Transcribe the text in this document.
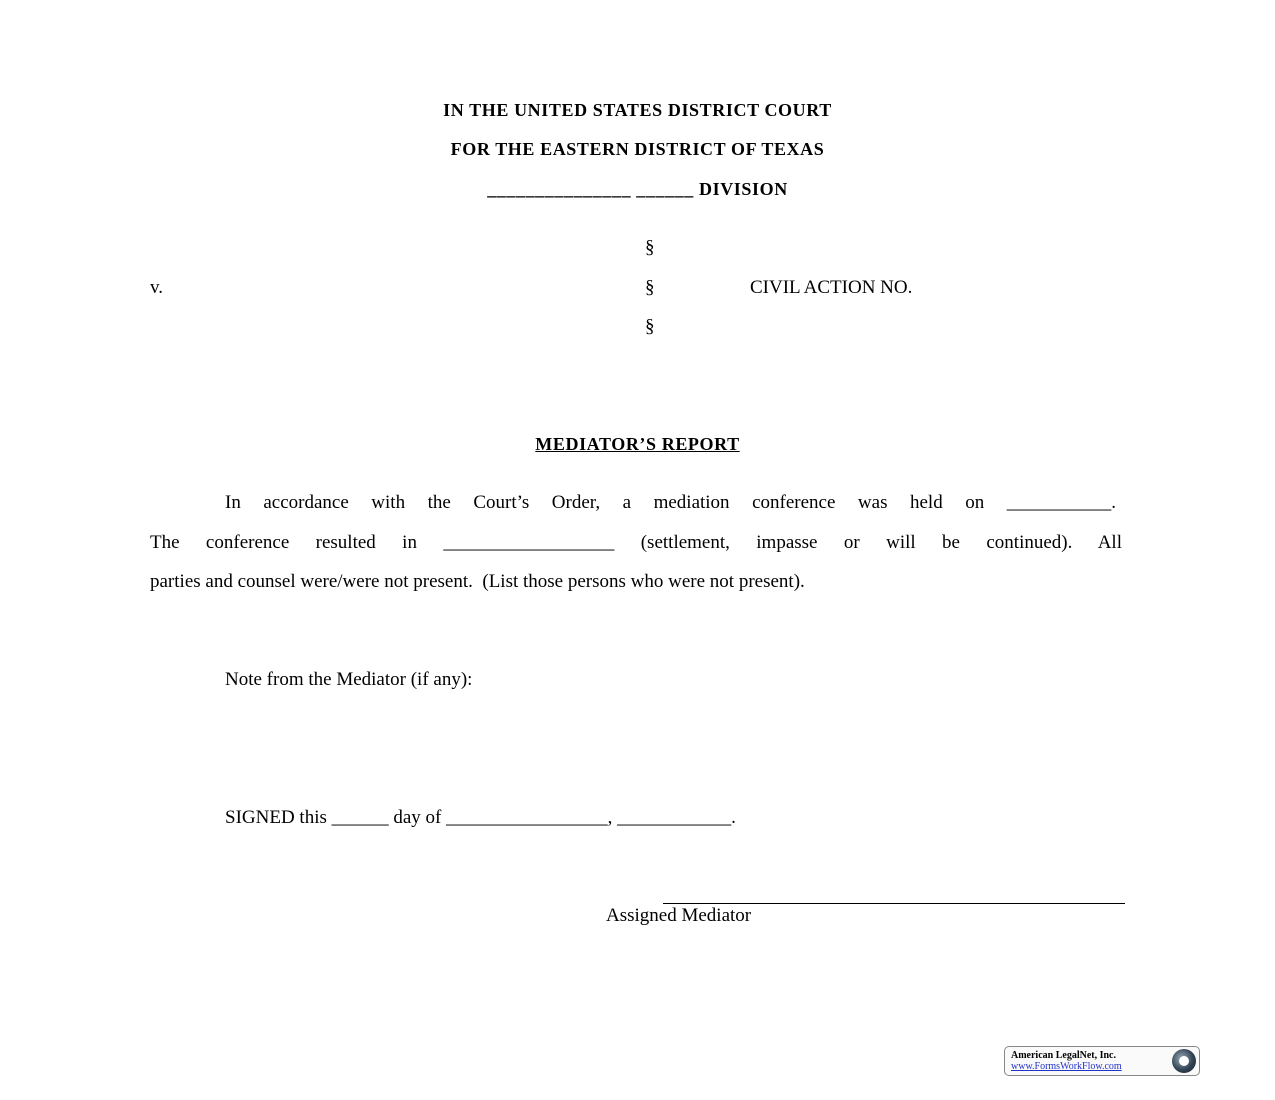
IN THE UNITED STATES DISTRICT COURT
FOR THE EASTERN DISTRICT OF TEXAS
_______________ ______ DIVISION
§
v.	§	CIVIL ACTION NO.
§
MEDIATOR’S REPORT
In accordance with the Court’s Order, a mediation conference was held on ___________.
The conference resulted in __________________ (settlement, impasse or will be continued). All
parties and counsel were/were not present.  (List those persons who were not present).
Note from the Mediator (if any):
SIGNED this ______ day of _________________, ____________.
Assigned Mediator
American LegalNet, Inc.
www.FormsWorkFlow.com
